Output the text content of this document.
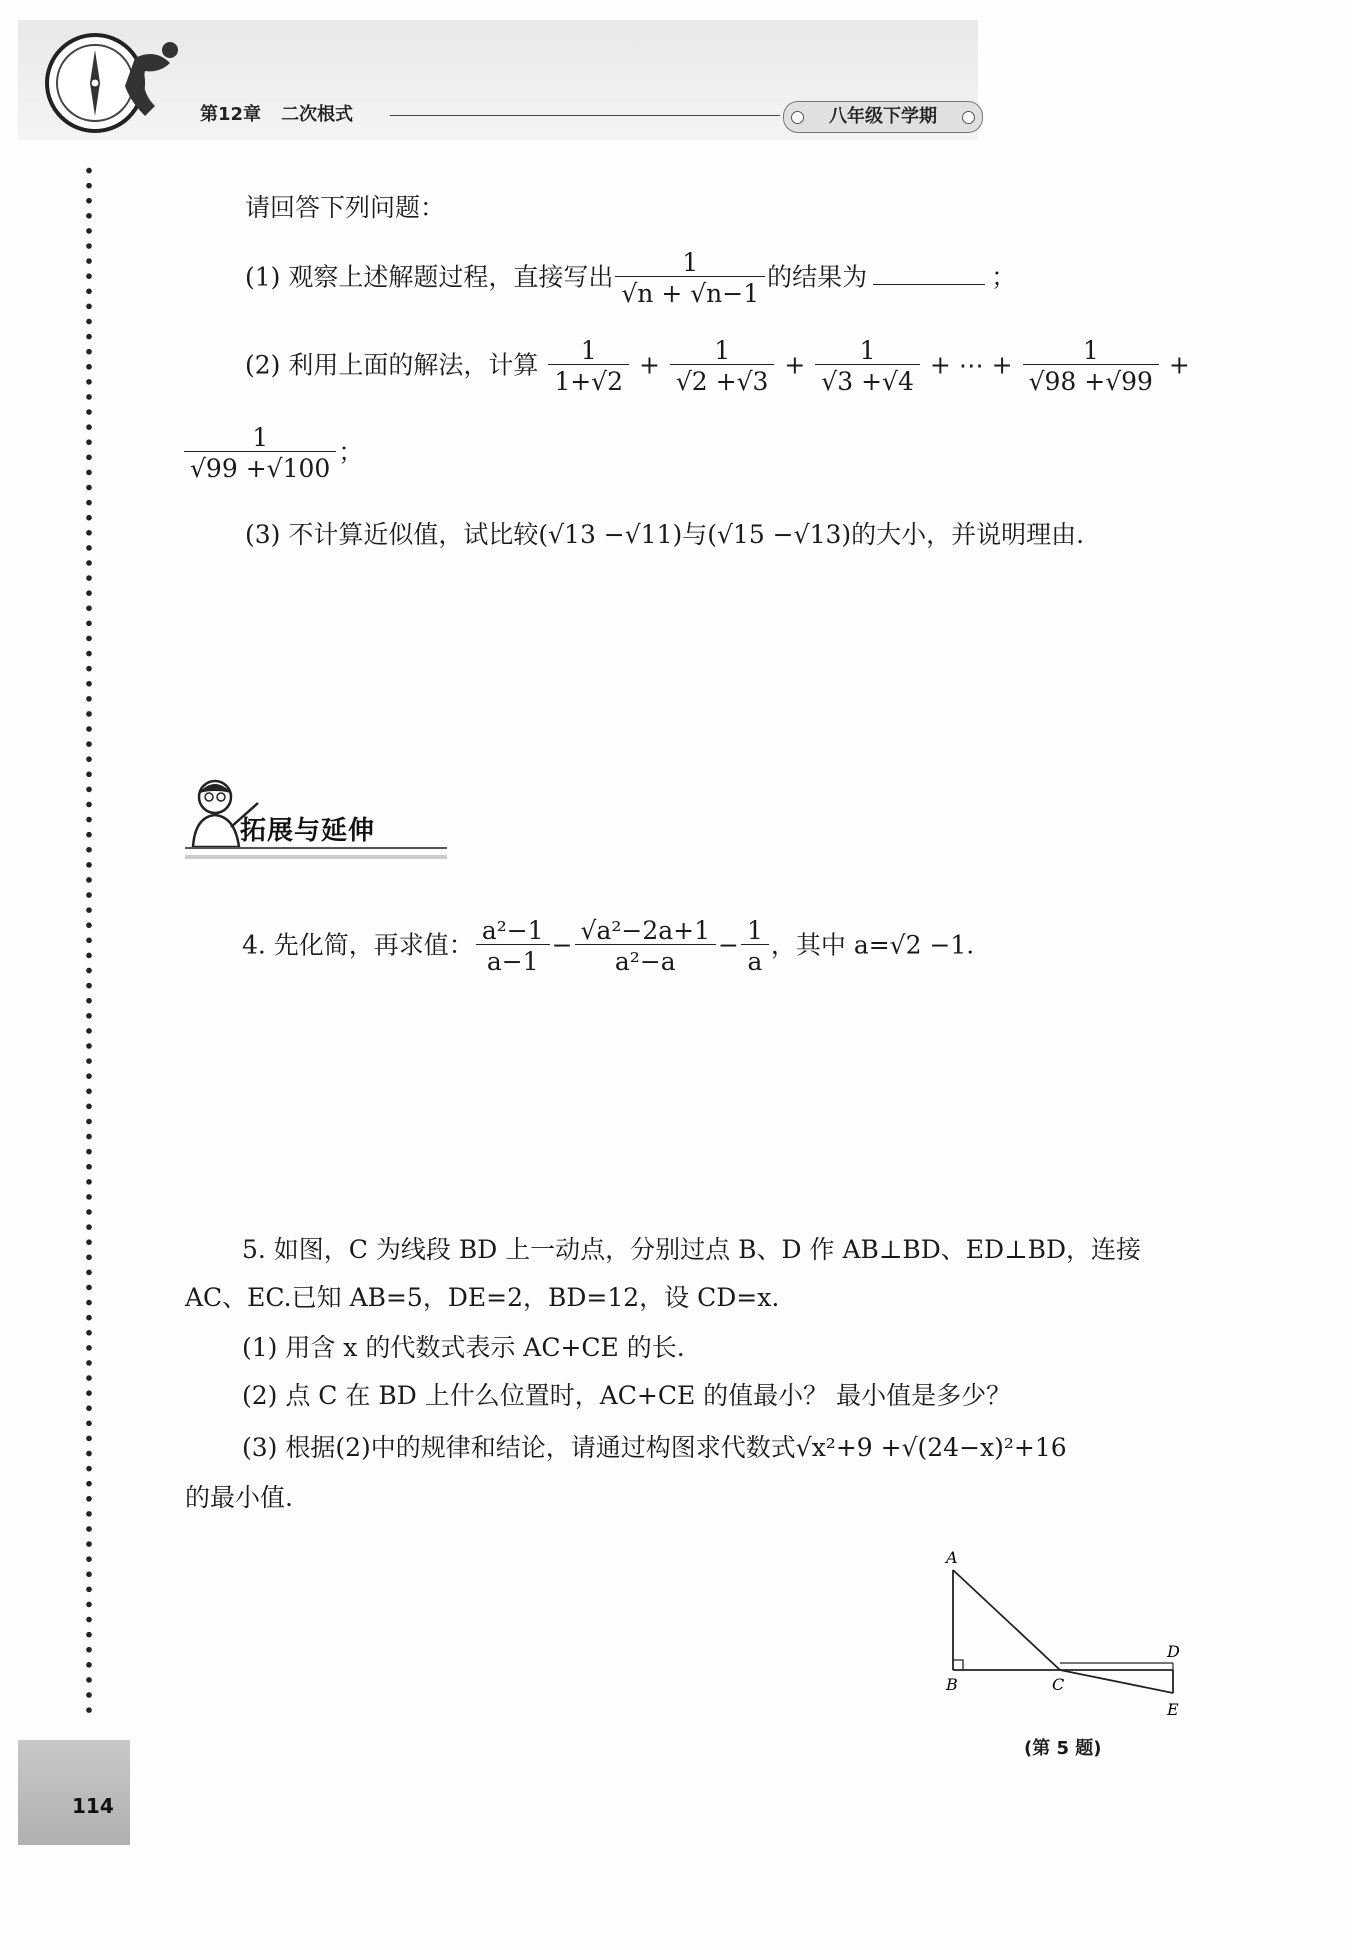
第12章 二次根式	八年级下学期
请回答下列问题：
(1) 观察上述解题过程，直接写出 $\frac{1}{√n + √n-1}$ 的结果为	；
(2) 利用上面的解法，计算 $\frac{1}{1+√2} + \frac{1}{√2 +√3} + \frac{1}{√3 +√4}$ + ⋯ + $\frac{1}{√98 +√99}$ +
$\frac{1}{√99 +√100}$ ；
(3) 不计算近似值，试比较(√13 −√11)与(√15 −√13)的大小，并说明理由.
拓展与延伸
4. 先化简，再求值： $\frac{\text{a²−1}}{a-1} - \frac{\text{√a²−2a+1}}{\text{a²−a}} - \frac{1}{a}$ ，其中 a=√2 −1.
5. 如图，C 为线段 BD 上一动点，分别过点 B、D 作 AB⊥BD、ED⊥BD，连接
AC、EC.已知 AB=5，DE=2，BD=12，设 CD=x.
(1) 用含 x 的代数式表示 AC+CE 的长.
(2) 点 C 在 BD 上什么位置时，AC+CE 的值最小？ 最小值是多少？
(3) 根据(2)中的规律和结论，请通过构图求代数式√x²+9 +√(24−x)²+16
的最小值.
A
B	C
D
E
(第 5 题)
114
